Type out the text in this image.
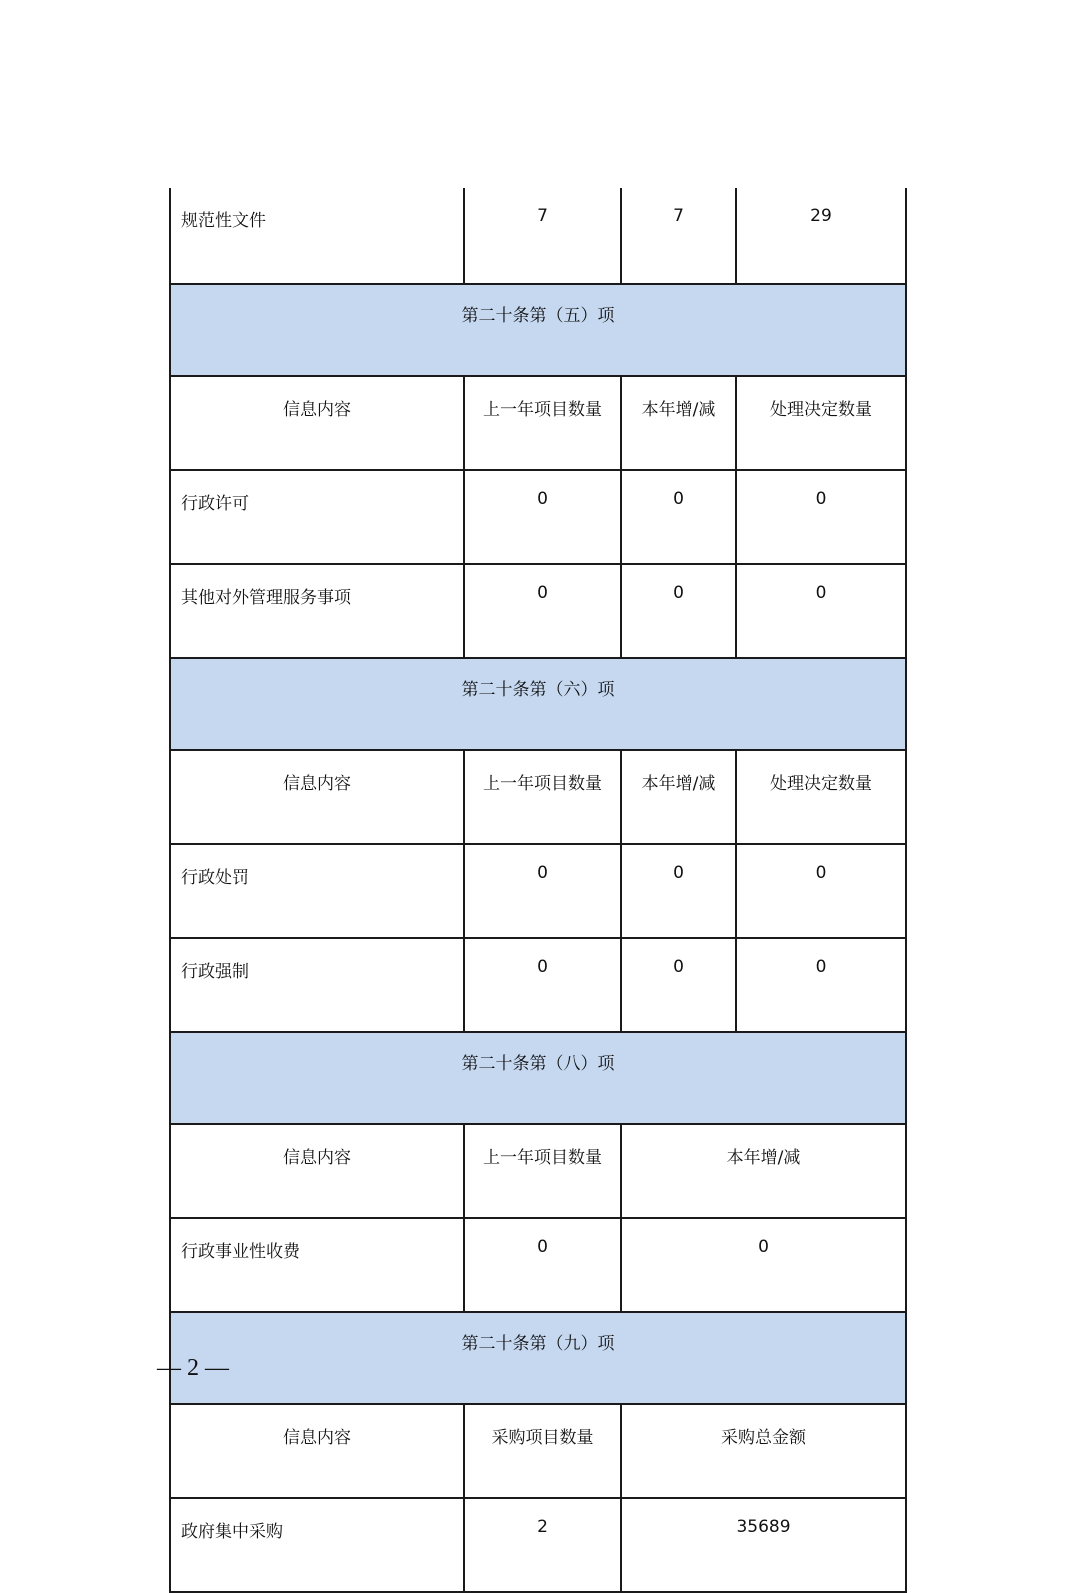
规范性文件	7	7	29
第二十条第（五）项			
信息内容	上一年项目数量	本年增/减	处理决定数量
行政许可	0	0	0
其他对外管理服务事项	0	0	0
第二十条第（六）项			
信息内容	上一年项目数量	本年增/减	处理决定数量
行政处罚	0	0	0
行政强制	0	0	0
第二十条第（八）项			
信息内容	上一年项目数量	本年增/减	
行政事业性收费	0	0	
第二十条第（九）项			
信息内容	采购项目数量	采购总金额	
政府集中采购	2	35689	
— 2 —
